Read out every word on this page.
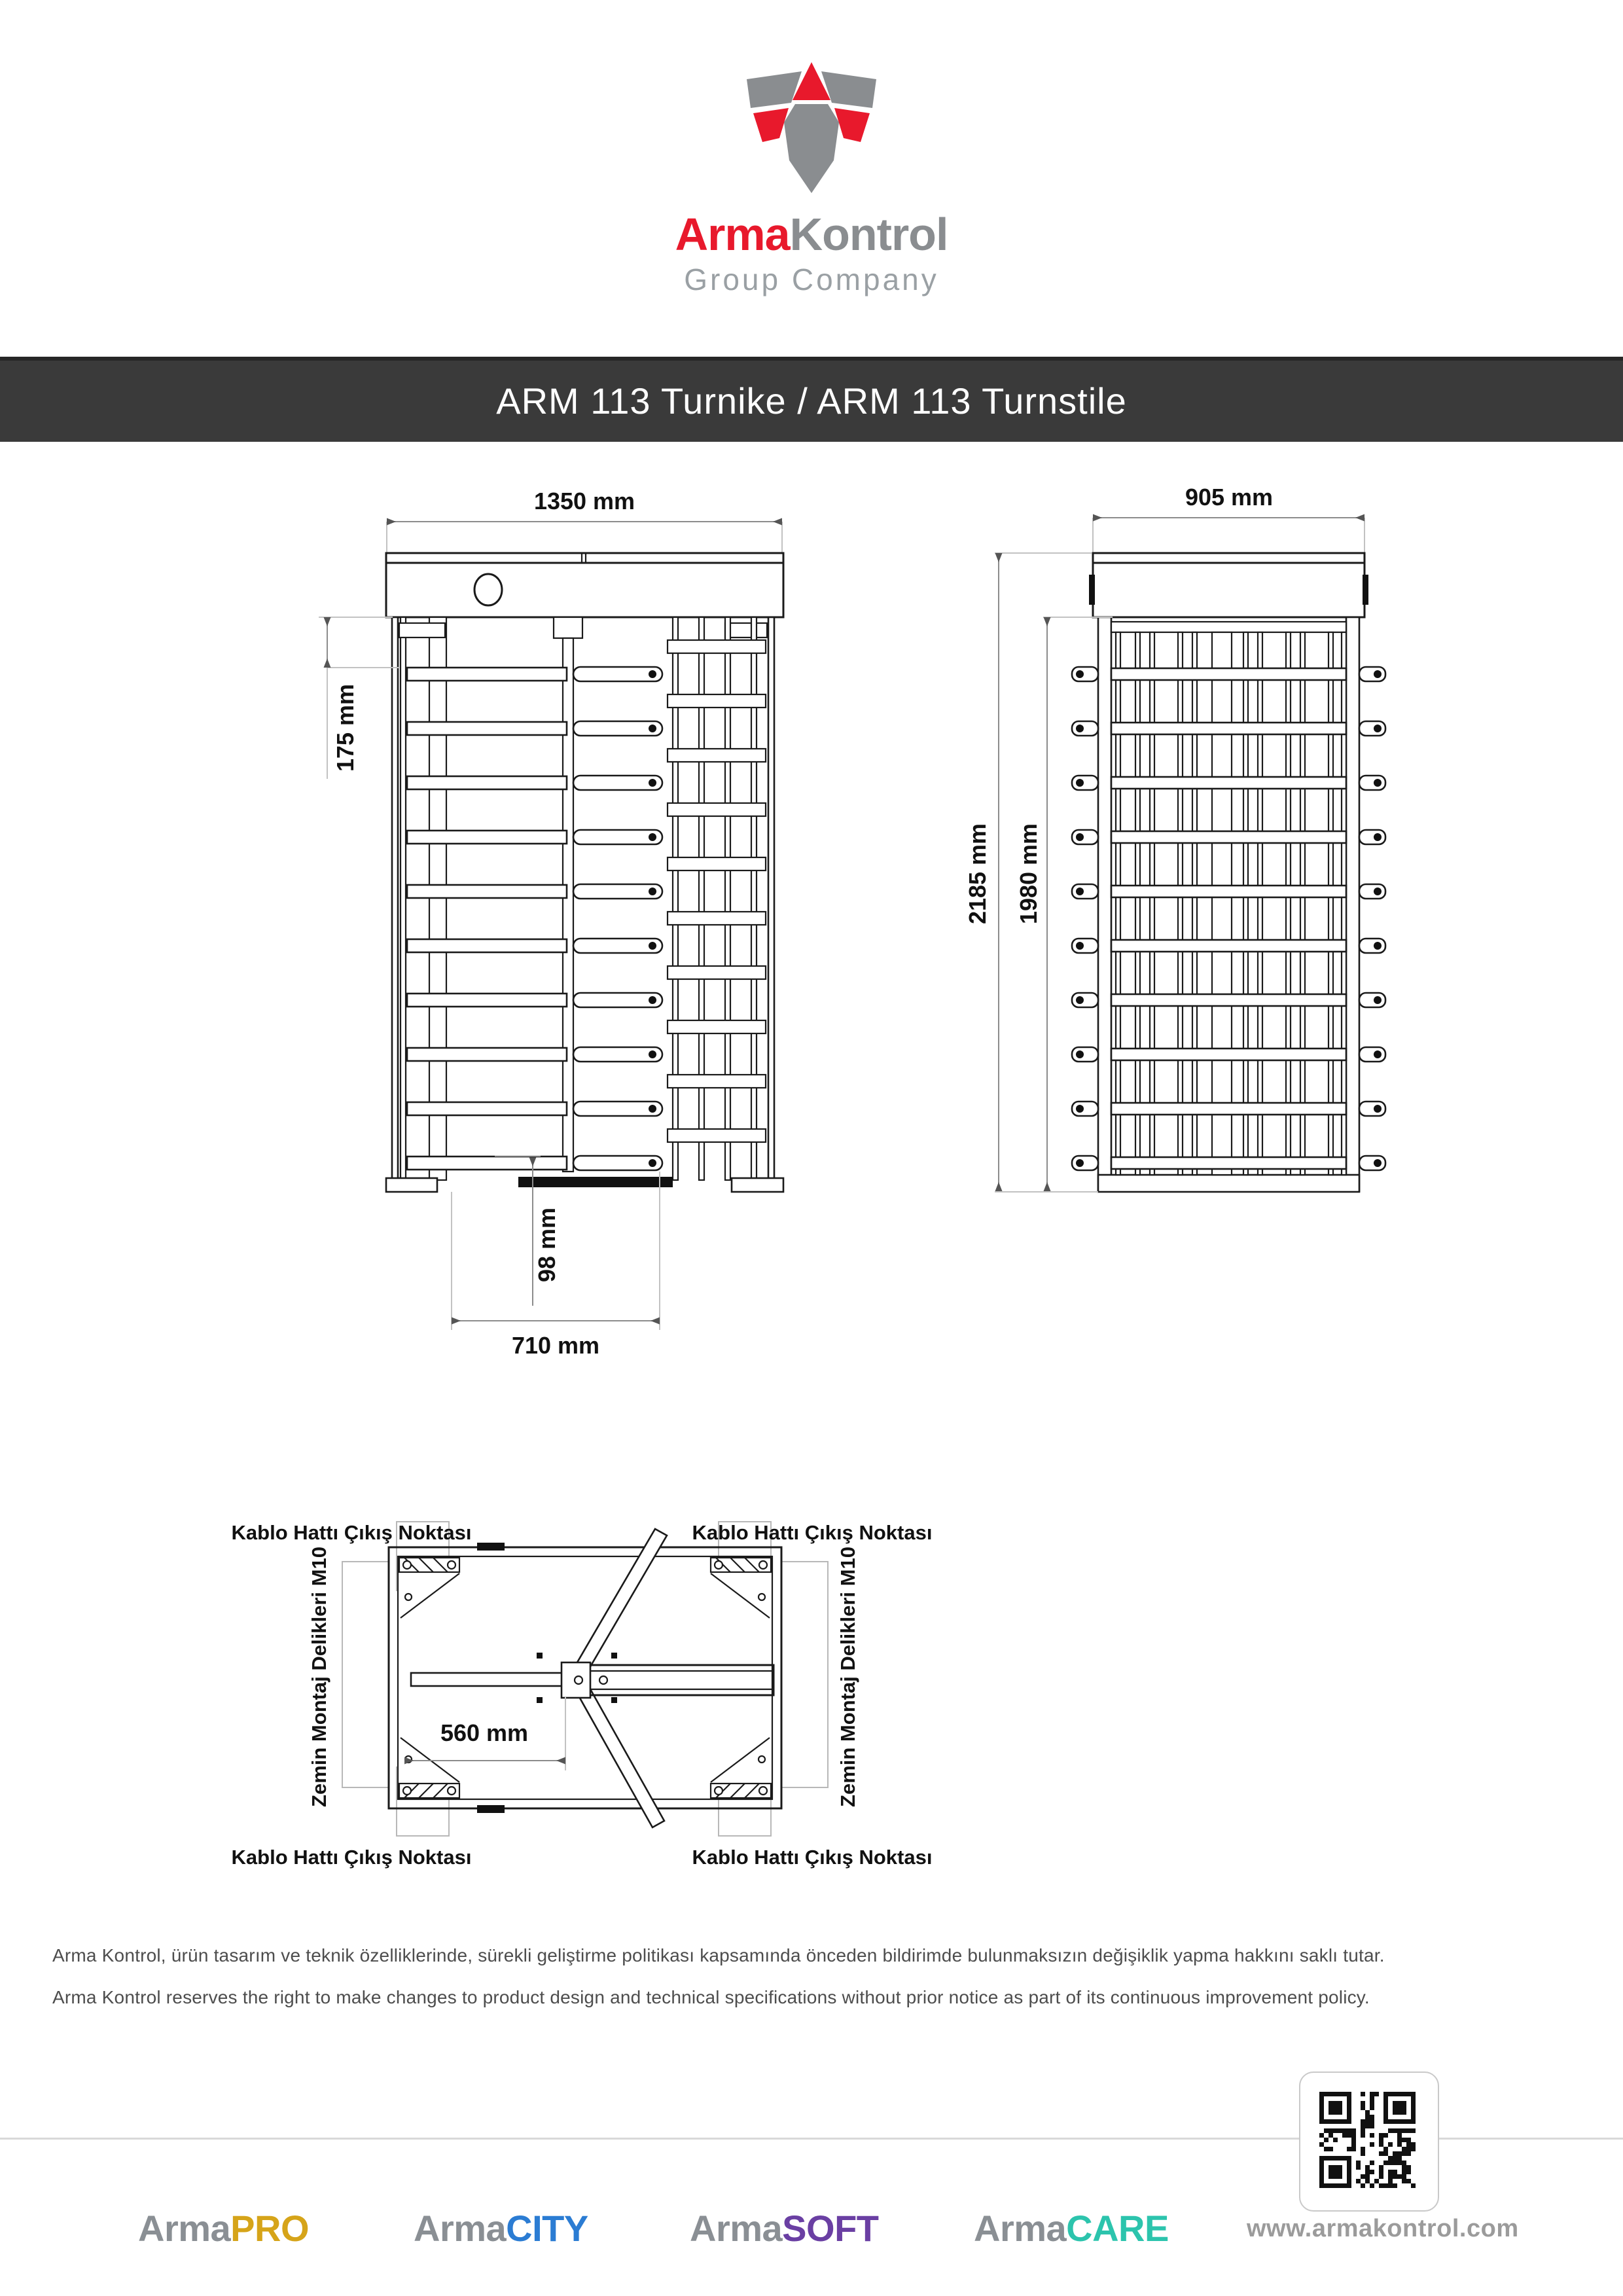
ArmaKontrol
Group Company
ARM 113 Turnike / ARM 113 Turnstile
1350 mm
175 mm
98 mm
710 mm
905 mm
2185 mm 1980 mm
560 mm
Kablo Hattı Çıkış Noktası	Kablo Hattı Çıkış Noktası
Kablo Hattı Çıkış Noktası	Kablo Hattı Çıkış Noktası
Zemin Montaj Delikleri M10	Zemin Montaj Delikleri M10
Arma Kontrol, ürün tasarım ve teknik özelliklerinde, sürekli geliştirme politikası kapsamında önceden bildirimde bulunmaksızın değişiklik yapma hakkını saklı tutar.
Arma Kontrol reserves the right to make changes to product design and technical specifications without prior notice as part of its continuous improvement policy.
www.armakontrol.com
ArmaPRO	ArmaCITY	ArmaSOFT	ArmaCARE
